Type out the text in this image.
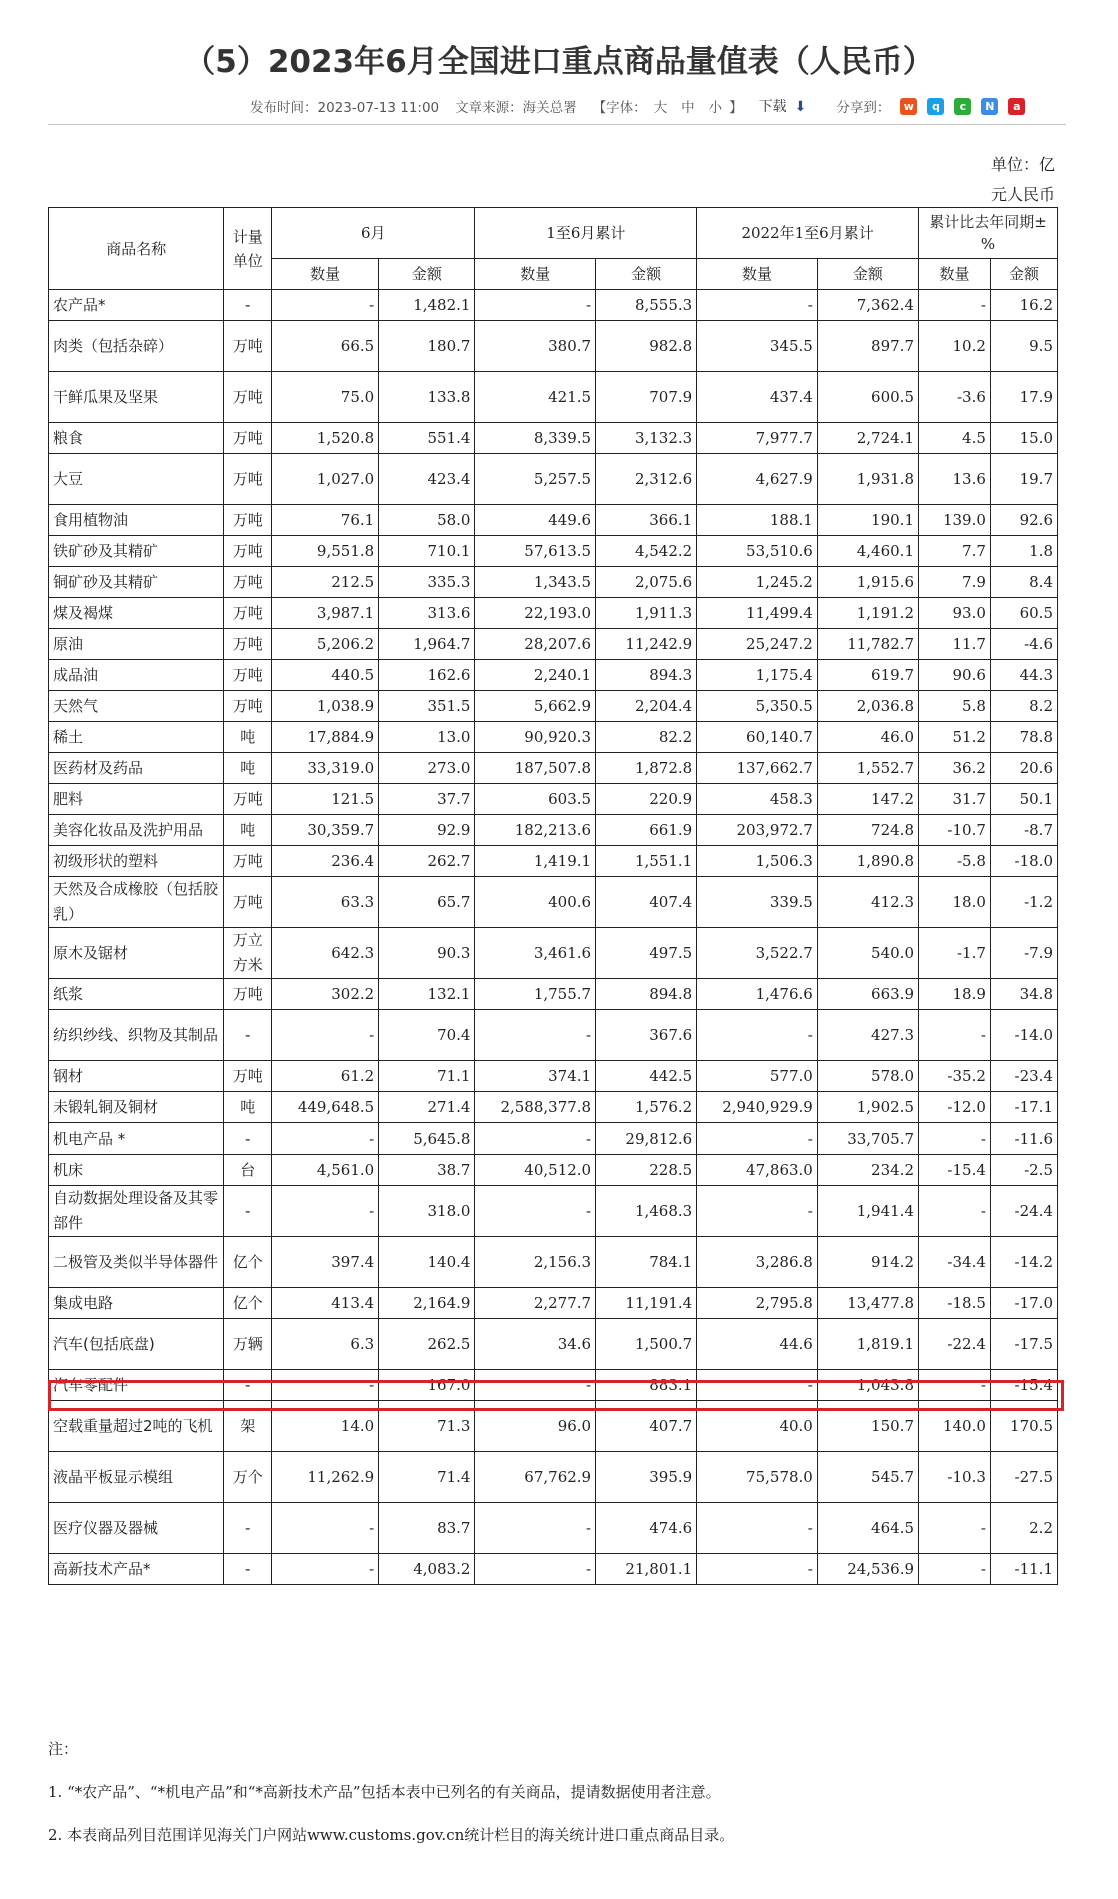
（5）2023年6月全国进口重点商品量值表（人民币）
发布时间：2023-07-13 11:00 文章来源：海关总署 【字体： 大 中 小 】 下载 ⬇ 分享到：	w	q	c	N	a
单位：亿
元人民币
商品名称	计量单位	6月		1至6月累计		2022年1至6月累计		累计比去年同期±
%	

		数量	金额	数量	金额	数量	金额	数量	金额
农产品*	-	-	1,482.1	-	8,555.3	-	7,362.4	-	16.2
肉类（包括杂碎）	万吨	66.5	180.7	380.7	982.8	345.5	897.7	10.2	9.5
干鲜瓜果及坚果	万吨	75.0	133.8	421.5	707.9	437.4	600.5	-3.6	17.9
粮食	万吨	1,520.8	551.4	8,339.5	3,132.3	7,977.7	2,724.1	4.5	15.0
大豆	万吨	1,027.0	423.4	5,257.5	2,312.6	4,627.9	1,931.8	13.6	19.7
食用植物油	万吨	76.1	58.0	449.6	366.1	188.1	190.1	139.0	92.6
铁矿砂及其精矿	万吨	9,551.8	710.1	57,613.5	4,542.2	53,510.6	4,460.1	7.7	1.8
铜矿砂及其精矿	万吨	212.5	335.3	1,343.5	2,075.6	1,245.2	1,915.6	7.9	8.4
煤及褐煤	万吨	3,987.1	313.6	22,193.0	1,911.3	11,499.4	1,191.2	93.0	60.5
原油	万吨	5,206.2	1,964.7	28,207.6	11,242.9	25,247.2	11,782.7	11.7	-4.6
成品油	万吨	440.5	162.6	2,240.1	894.3	1,175.4	619.7	90.6	44.3
天然气	万吨	1,038.9	351.5	5,662.9	2,204.4	5,350.5	2,036.8	5.8	8.2
稀土	吨	17,884.9	13.0	90,920.3	82.2	60,140.7	46.0	51.2	78.8
医药材及药品	吨	33,319.0	273.0	187,507.8	1,872.8	137,662.7	1,552.7	36.2	20.6
肥料	万吨	121.5	37.7	603.5	220.9	458.3	147.2	31.7	50.1
美容化妆品及洗护用品	吨	30,359.7	92.9	182,213.6	661.9	203,972.7	724.8	-10.7	-8.7
初级形状的塑料	万吨	236.4	262.7	1,419.1	1,551.1	1,506.3	1,890.8	-5.8	-18.0
天然及合成橡胶（包括胶乳）	万吨	63.3	65.7	400.6	407.4	339.5	412.3	18.0	-1.2
原木及锯材	万立方米	642.3	90.3	3,461.6	497.5	3,522.7	540.0	-1.7	-7.9
纸浆	万吨	302.2	132.1	1,755.7	894.8	1,476.6	663.9	18.9	34.8
纺织纱线、织物及其制品	-	-	70.4	-	367.6	-	427.3	-	-14.0
钢材	万吨	61.2	71.1	374.1	442.5	577.0	578.0	-35.2	-23.4
未锻轧铜及铜材	吨	449,648.5	271.4	2,588,377.8	1,576.2	2,940,929.9	1,902.5	-12.0	-17.1
机电产品 *	-	-	5,645.8	-	29,812.6	-	33,705.7	-	-11.6
机床	台	4,561.0	38.7	40,512.0	228.5	47,863.0	234.2	-15.4	-2.5
自动数据处理设备及其零部件	-	-	318.0	-	1,468.3	-	1,941.4	-	-24.4
二极管及类似半导体器件	亿个	397.4	140.4	2,156.3	784.1	3,286.8	914.2	-34.4	-14.2
集成电路	亿个	413.4	2,164.9	2,277.7	11,191.4	2,795.8	13,477.8	-18.5	-17.0
汽车(包括底盘)	万辆	6.3	262.5	34.6	1,500.7	44.6	1,819.1	-22.4	-17.5
汽车零配件	-	-	167.0	-	883.1	-	1,043.8	-	-15.4
空载重量超过2吨的飞机	架	14.0	71.3	96.0	407.7	40.0	150.7	140.0	170.5
液晶平板显示模组	万个	11,262.9	71.4	67,762.9	395.9	75,578.0	545.7	-10.3	-27.5
医疗仪器及器械	-	-	83.7	-	474.6	-	464.5	-	2.2
高新技术产品*	-	-	4,083.2	-	21,801.1	-	24,536.9	-	-11.1
注：
1. “*农产品”、“*机电产品”和“*高新技术产品”包括本表中已列名的有关商品，提请数据使用者注意。
2. 本表商品列目范围详见海关门户网站www.customs.gov.cn统计栏目的海关统计进口重点商品目录。
